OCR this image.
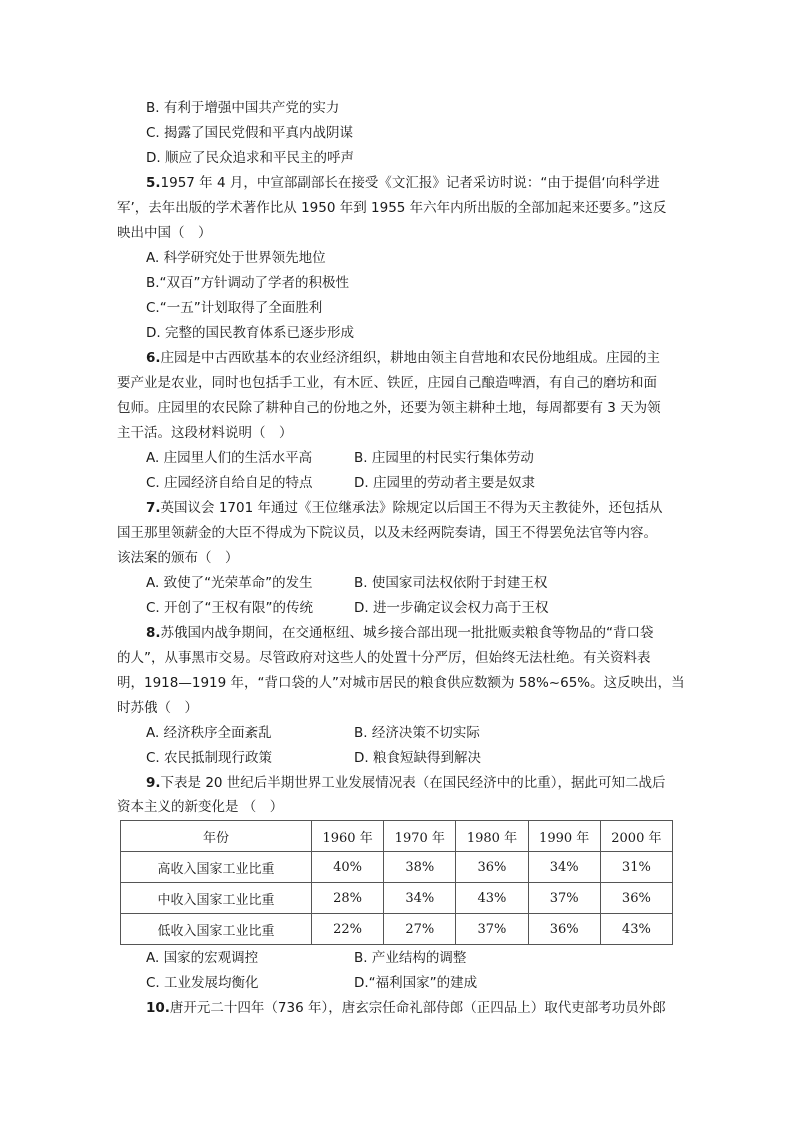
B. 有利于增强中国共产党的实力
C. 揭露了国民党假和平真内战阴谋
D. 顺应了民众追求和平民主的呼声
5.1957 年 4 月，中宣部副部长在接受《文汇报》记者采访时说：“由于提倡‘向科学进
军’，去年出版的学术著作比从 1950 年到 1955 年六年内所出版的全部加起来还要多。”这反
映出中国（　）
A. 科学研究处于世界领先地位
B.“双百”方针调动了学者的积极性
C.“一五”计划取得了全面胜利
D. 完整的国民教育体系已逐步形成
6.庄园是中古西欧基本的农业经济组织，耕地由领主自营地和农民份地组成。庄园的主
要产业是农业，同时也包括手工业，有木匠、铁匠，庄园自己酿造啤酒，有自己的磨坊和面
包师。庄园里的农民除了耕种自己的份地之外，还要为领主耕种土地，每周都要有 3 天为领
主干活。这段材料说明（　）
A. 庄园里人们的生活水平高	B. 庄园里的村民实行集体劳动
C. 庄园经济自给自足的特点	D. 庄园里的劳动者主要是奴隶
7.英国议会 1701 年通过《王位继承法》除规定以后国王不得为天主教徒外，还包括从
国王那里领薪金的大臣不得成为下院议员，以及未经两院奏请，国王不得罢免法官等内容。
该法案的颁布（　）
A. 致使了“光荣革命”的发生	B. 使国家司法权依附于封建王权
C. 开创了“王权有限”的传统	D. 进一步确定议会权力高于王权
8.苏俄国内战争期间，在交通枢纽、城乡接合部出现一批批贩卖粮食等物品的“背口袋
的人”，从事黑市交易。尽管政府对这些人的处置十分严厉，但始终无法杜绝。有关资料表
明，1918—1919 年，“背口袋的人”对城市居民的粮食供应数额为 58%~65%。这反映出，当
时苏俄（　）
A. 经济秩序全面紊乱	B. 经济决策不切实际
C. 农民抵制现行政策	D. 粮食短缺得到解决
9.下表是 20 世纪后半期世界工业发展情况表（在国民经济中的比重），据此可知二战后
资本主义的新变化是 （　）
年份	1960 年	1970 年	1980 年	1990 年	2000 年
高收入国家工业比重	40%	38%	36%	34%	31%
中收入国家工业比重	28%	34%	43%	37%	36%
低收入国家工业比重	22%	27%	37%	36%	43%
A. 国家的宏观调控	B. 产业结构的调整
C. 工业发展均衡化	D.“福利国家”的建成
10.唐开元二十四年（736 年），唐玄宗任命礼部侍郎（正四品上）取代吏部考功员外郎
